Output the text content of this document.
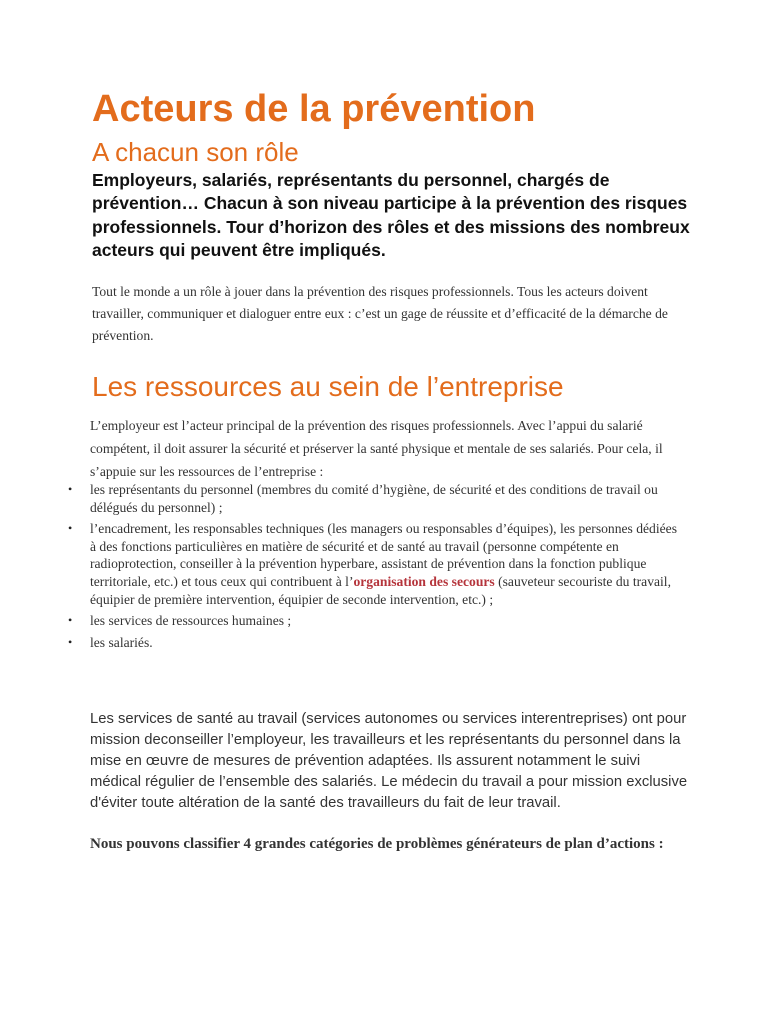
Acteurs de la prévention
A chacun son rôle

Employeurs, salariés, représentants du personnel, chargés de prévention… Chacun à son niveau participe à la prévention des risques professionnels. Tour d’horizon des rôles et des missions des nombreux acteurs qui peuvent être impliqués.

Tout le monde a un rôle à jouer dans la prévention des risques professionnels. Tous les acteurs doivent travailler, communiquer et dialoguer entre eux : c’est un gage de réussite et d’efficacité de la démarche de prévention.

Les ressources au sein de l’entreprise

L’employeur est l’acteur principal de la prévention des risques professionnels. Avec l’appui du salarié compétent, il doit assurer la sécurité et préserver la santé physique et mentale de ses salariés. Pour cela, il s’appuie sur les ressources de l’entreprise :

• les représentants du personnel (membres du comité d’hygiène, de sécurité et des conditions de travail ou délégués du personnel) ;
• l’encadrement, les responsables techniques (les managers ou responsables d’équipes), les personnes dédiées à des fonctions particulières en matière de sécurité et de santé au travail (personne compétente en radioprotection, conseiller à la prévention hyperbare, assistant de prévention dans la fonction publique territoriale, etc.) et tous ceux qui contribuent à l’organisation des secours (sauveteur secouriste du travail, équipier de première intervention, équipier de seconde intervention, etc.) ;
• les services de ressources humaines ;
• les salariés.

Les services de santé au travail (services autonomes ou services interentreprises) ont pour mission deconseiller l’employeur, les travailleurs et les représentants du personnel dans la mise en œuvre de mesures de prévention adaptées. Ils assurent notamment le suivi médical régulier de l’ensemble des salariés. Le médecin du travail a pour mission exclusive d'éviter toute altération de la santé des travailleurs du fait de leur travail.

Nous pouvons classifier 4 grandes catégories de problèmes générateurs de plan d’actions :
